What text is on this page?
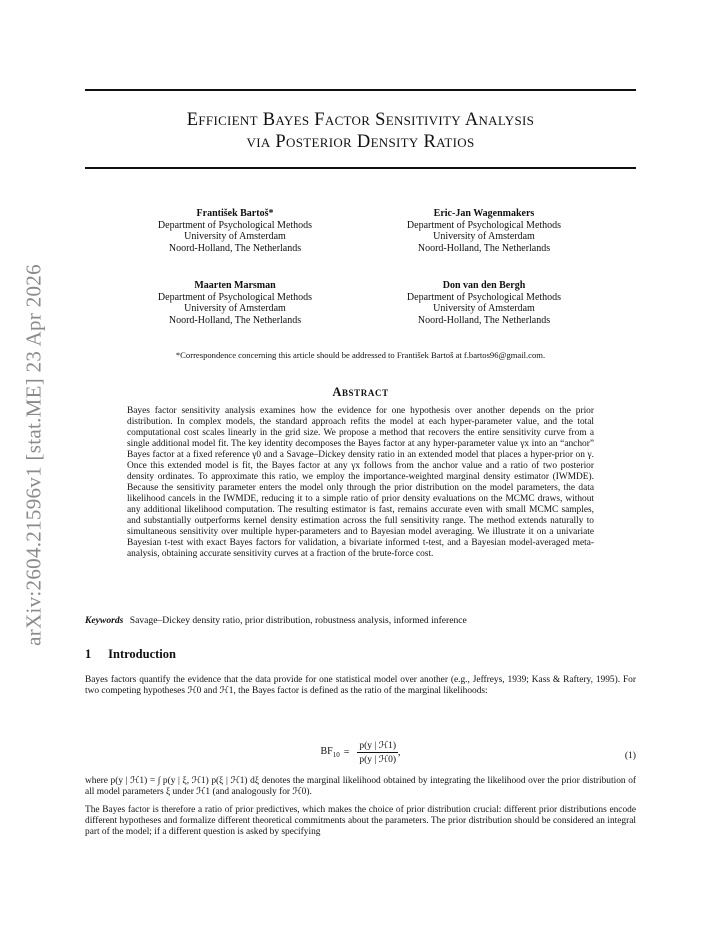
arXiv:2604.21596v1 [stat.ME] 23 Apr 2026
Efficient Bayes Factor Sensitivity Analysis
via Posterior Density Ratios
František Bartoš*
Department of Psychological Methods
University of Amsterdam
Noord-Holland, The Netherlands
Eric-Jan Wagenmakers
Department of Psychological Methods
University of Amsterdam
Noord-Holland, The Netherlands
Maarten Marsman
Department of Psychological Methods
University of Amsterdam
Noord-Holland, The Netherlands
Don van den Bergh
Department of Psychological Methods
University of Amsterdam
Noord-Holland, The Netherlands
*Correspondence concerning this article should be addressed to František Bartoš at f.bartos96@gmail.com.
Abstract
Bayes factor sensitivity analysis examines how the evidence for one hypothesis over another depends on the prior distribution. In complex models, the standard approach refits the model at each hyper-parameter value, and the total computational cost scales linearly in the grid size. We propose a method that recovers the entire sensitivity curve from a single additional model fit. The key identity decomposes the Bayes factor at any hyper-parameter value γx into an “anchor” Bayes factor at a fixed reference γ0 and a Savage–Dickey density ratio in an extended model that places a hyper-prior on γ. Once this extended model is fit, the Bayes factor at any γx follows from the anchor value and a ratio of two posterior density ordinates. To approximate this ratio, we employ the importance-weighted marginal density estimator (IWMDE). Because the sensitivity parameter enters the model only through the prior distribution on the model parameters, the data likelihood cancels in the IWMDE, reducing it to a simple ratio of prior density evaluations on the MCMC draws, without any additional likelihood computation. The resulting estimator is fast, remains accurate even with small MCMC samples, and substantially outperforms kernel density estimation across the full sensitivity range. The method extends naturally to simultaneous sensitivity over multiple hyper-parameters and to Bayesian model averaging. We illustrate it on a univariate Bayesian t-test with exact Bayes factors for validation, a bivariate informed t-test, and a Bayesian model-averaged meta-analysis, obtaining accurate sensitivity curves at a fraction of the brute-force cost.
Keywords Savage–Dickey density ratio, prior distribution, robustness analysis, informed inference
1 Introduction
Bayes factors quantify the evidence that the data provide for one statistical model over another (e.g., Jeffreys, 1939; Kass & Raftery, 1995). For two competing hypotheses ℋ0 and ℋ1, the Bayes factor is defined as the ratio of the marginal likelihoods:
$BF_{10} = \frac{\text{p(y | ℋ1)}}{\text{p(y | ℋ0)}}$ ,	(1)
where p(y | ℋ1) = ∫ p(y | ξ, ℋ1) p(ξ | ℋ1) dξ denotes the marginal likelihood obtained by integrating the likelihood over the prior distribution of all model parameters ξ under ℋ1 (and analogously for ℋ0).
The Bayes factor is therefore a ratio of prior predictives, which makes the choice of prior distribution crucial: different prior distributions encode different hypotheses and formalize different theoretical commitments about the parameters. The prior distribution should be considered an integral part of the model; if a different question is asked by specifying
